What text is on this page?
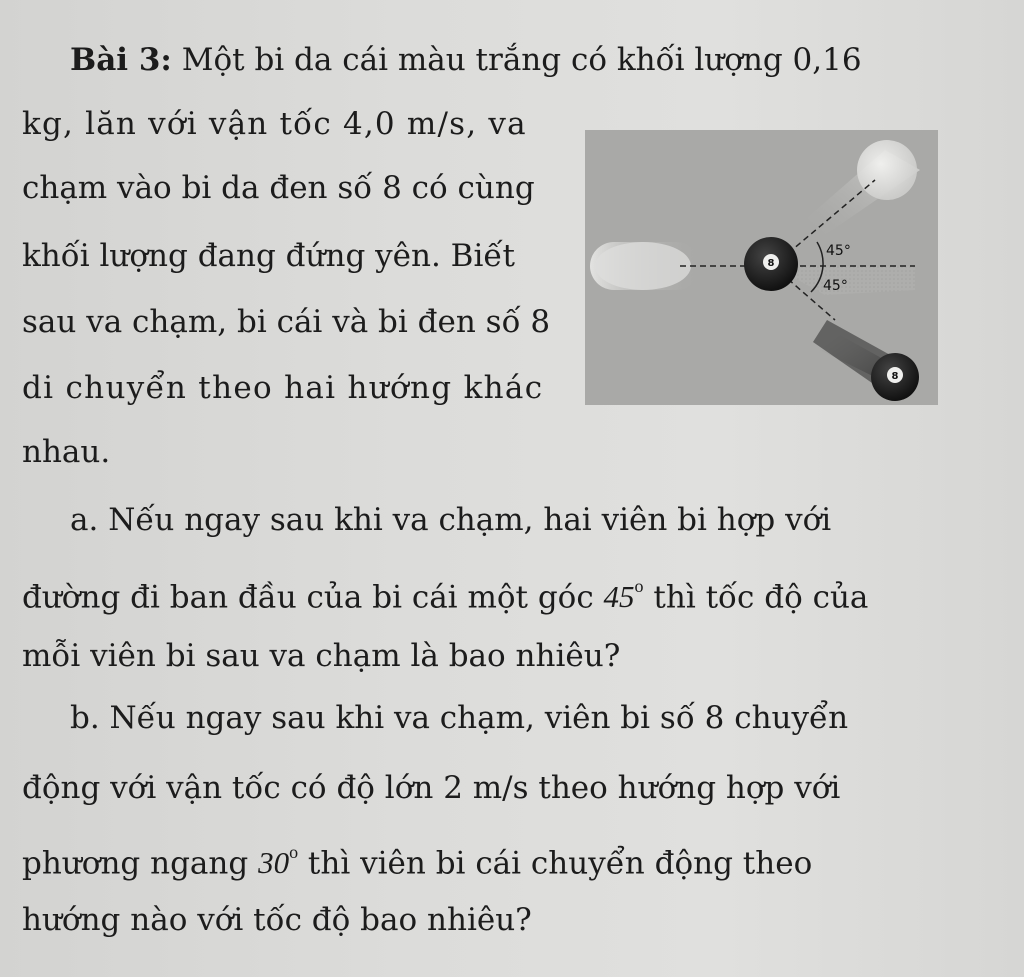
Bài 3: Một bi da cái màu trắng có khối lượng 0,16
kg, lăn với vận tốc 4,0 m/s, va
chạm vào bi da đen số 8 có cùng
khối lượng đang đứng yên. Biết
sau va chạm, bi cái và bi đen số 8
di chuyển theo hai hướng khác
nhau.
8
8
45°
45°
a. Nếu ngay sau khi va chạm, hai viên bi hợp với
đường đi ban đầu của bi cái một góc 45$^o$ thì tốc độ của
mỗi viên bi sau va chạm là bao nhiêu?
b. Nếu ngay sau khi va chạm, viên bi số 8 chuyển
động với vận tốc có độ lớn 2 m/s theo hướng hợp với
phương ngang 30$^o$ thì viên bi cái chuyển động theo
hướng nào với tốc độ bao nhiêu?
